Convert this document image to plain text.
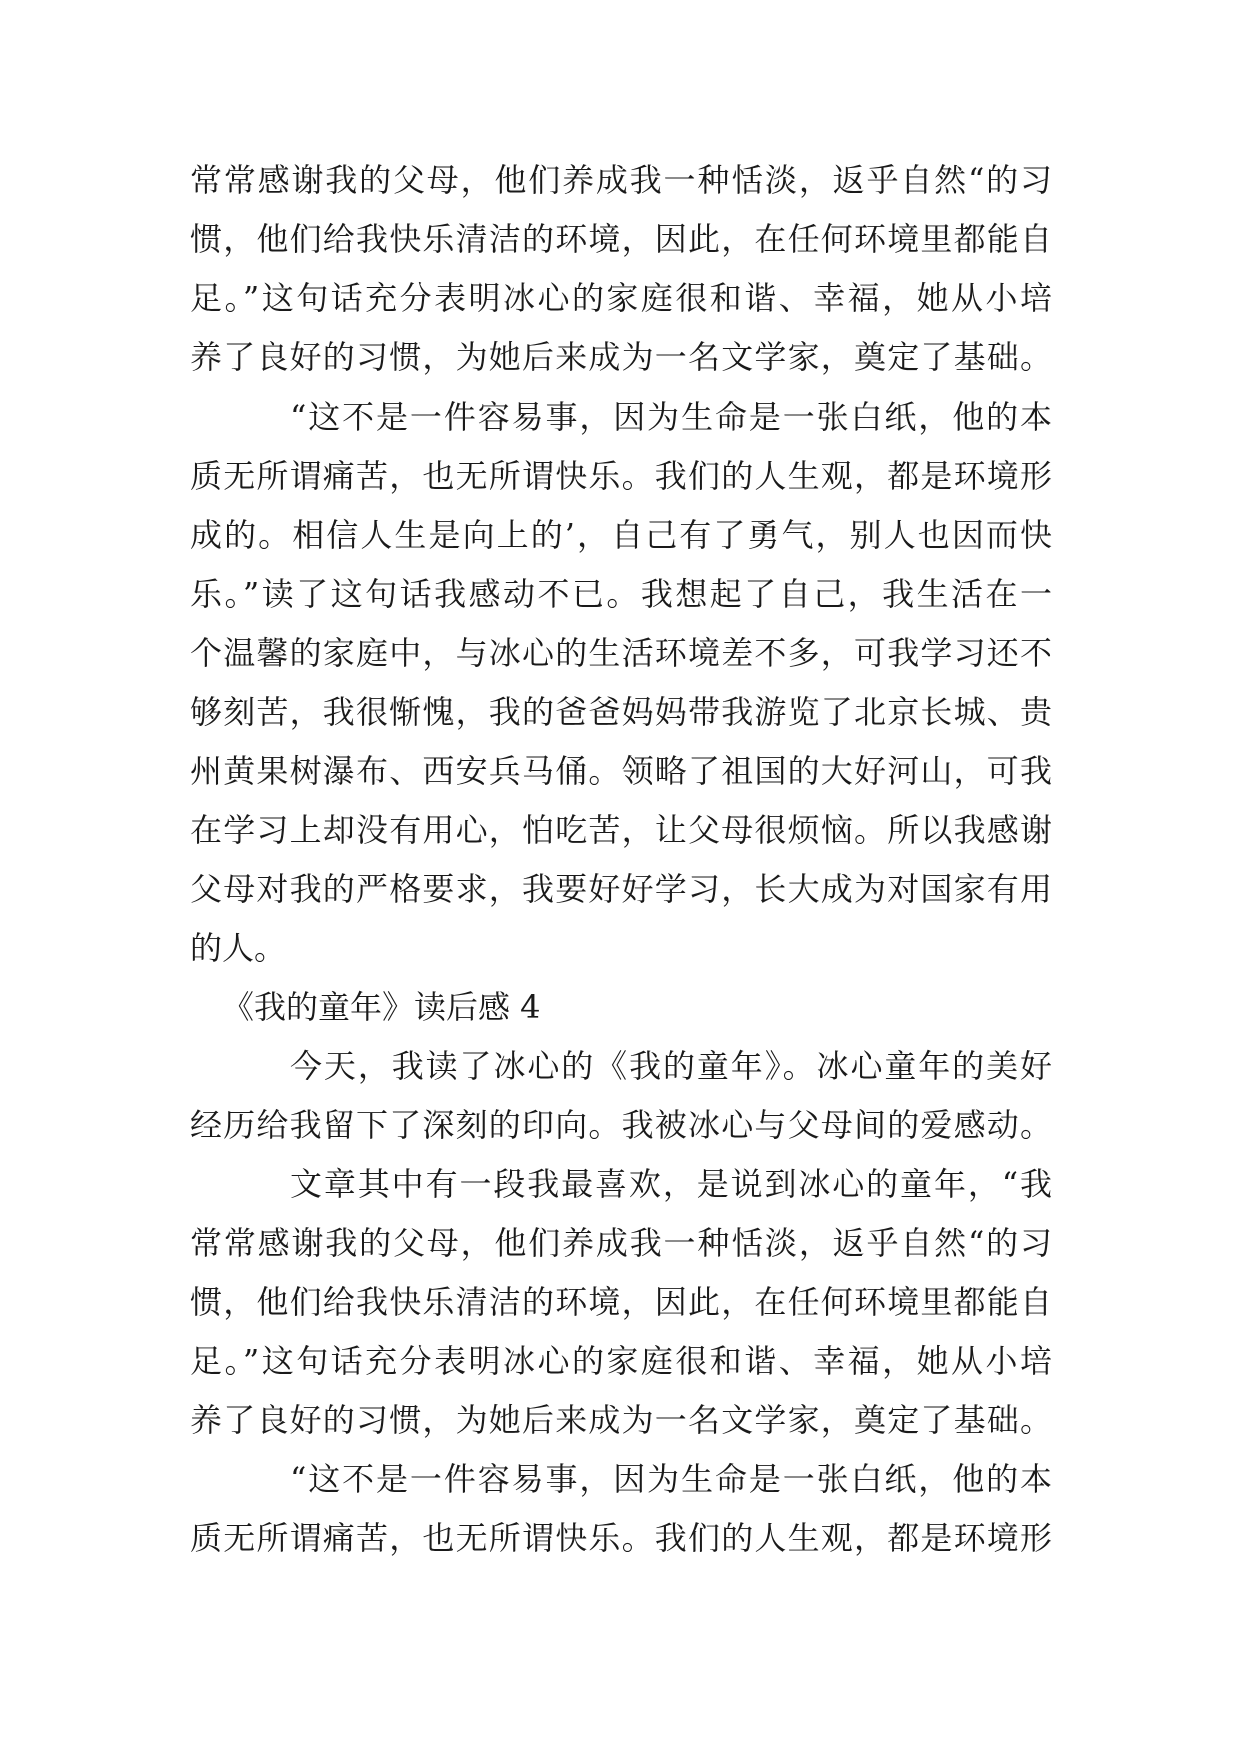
常常感谢我的父母，他们养成我一种恬淡，返乎自然“的习
惯，他们给我快乐清洁的环境，因此，在任何环境里都能自
足。”这句话充分表明冰心的家庭很和谐、幸福，她从小培
养了良好的习惯，为她后来成为一名文学家，奠定了基础。
“这不是一件容易事，因为生命是一张白纸，他的本
质无所谓痛苦，也无所谓快乐。我们的人生观，都是环境形
成的。相信人生是向上的’，自己有了勇气，别人也因而快
乐。”读了这句话我感动不已。我想起了自己，我生活在一
个温馨的家庭中，与冰心的生活环境差不多，可我学习还不
够刻苦，我很惭愧，我的爸爸妈妈带我游览了北京长城、贵
州黄果树瀑布、西安兵马俑。领略了祖国的大好河山，可我
在学习上却没有用心，怕吃苦，让父母很烦恼。所以我感谢
父母对我的严格要求，我要好好学习，长大成为对国家有用
的人。
《我的童年》读后感 4
今天，我读了冰心的《我的童年》。冰心童年的美好
经历给我留下了深刻的印向。我被冰心与父母间的爱感动。
文章其中有一段我最喜欢，是说到冰心的童年，“我
常常感谢我的父母，他们养成我一种恬淡，返乎自然“的习
惯，他们给我快乐清洁的环境，因此，在任何环境里都能自
足。”这句话充分表明冰心的家庭很和谐、幸福，她从小培
养了良好的习惯，为她后来成为一名文学家，奠定了基础。
“这不是一件容易事，因为生命是一张白纸，他的本
质无所谓痛苦，也无所谓快乐。我们的人生观，都是环境形
